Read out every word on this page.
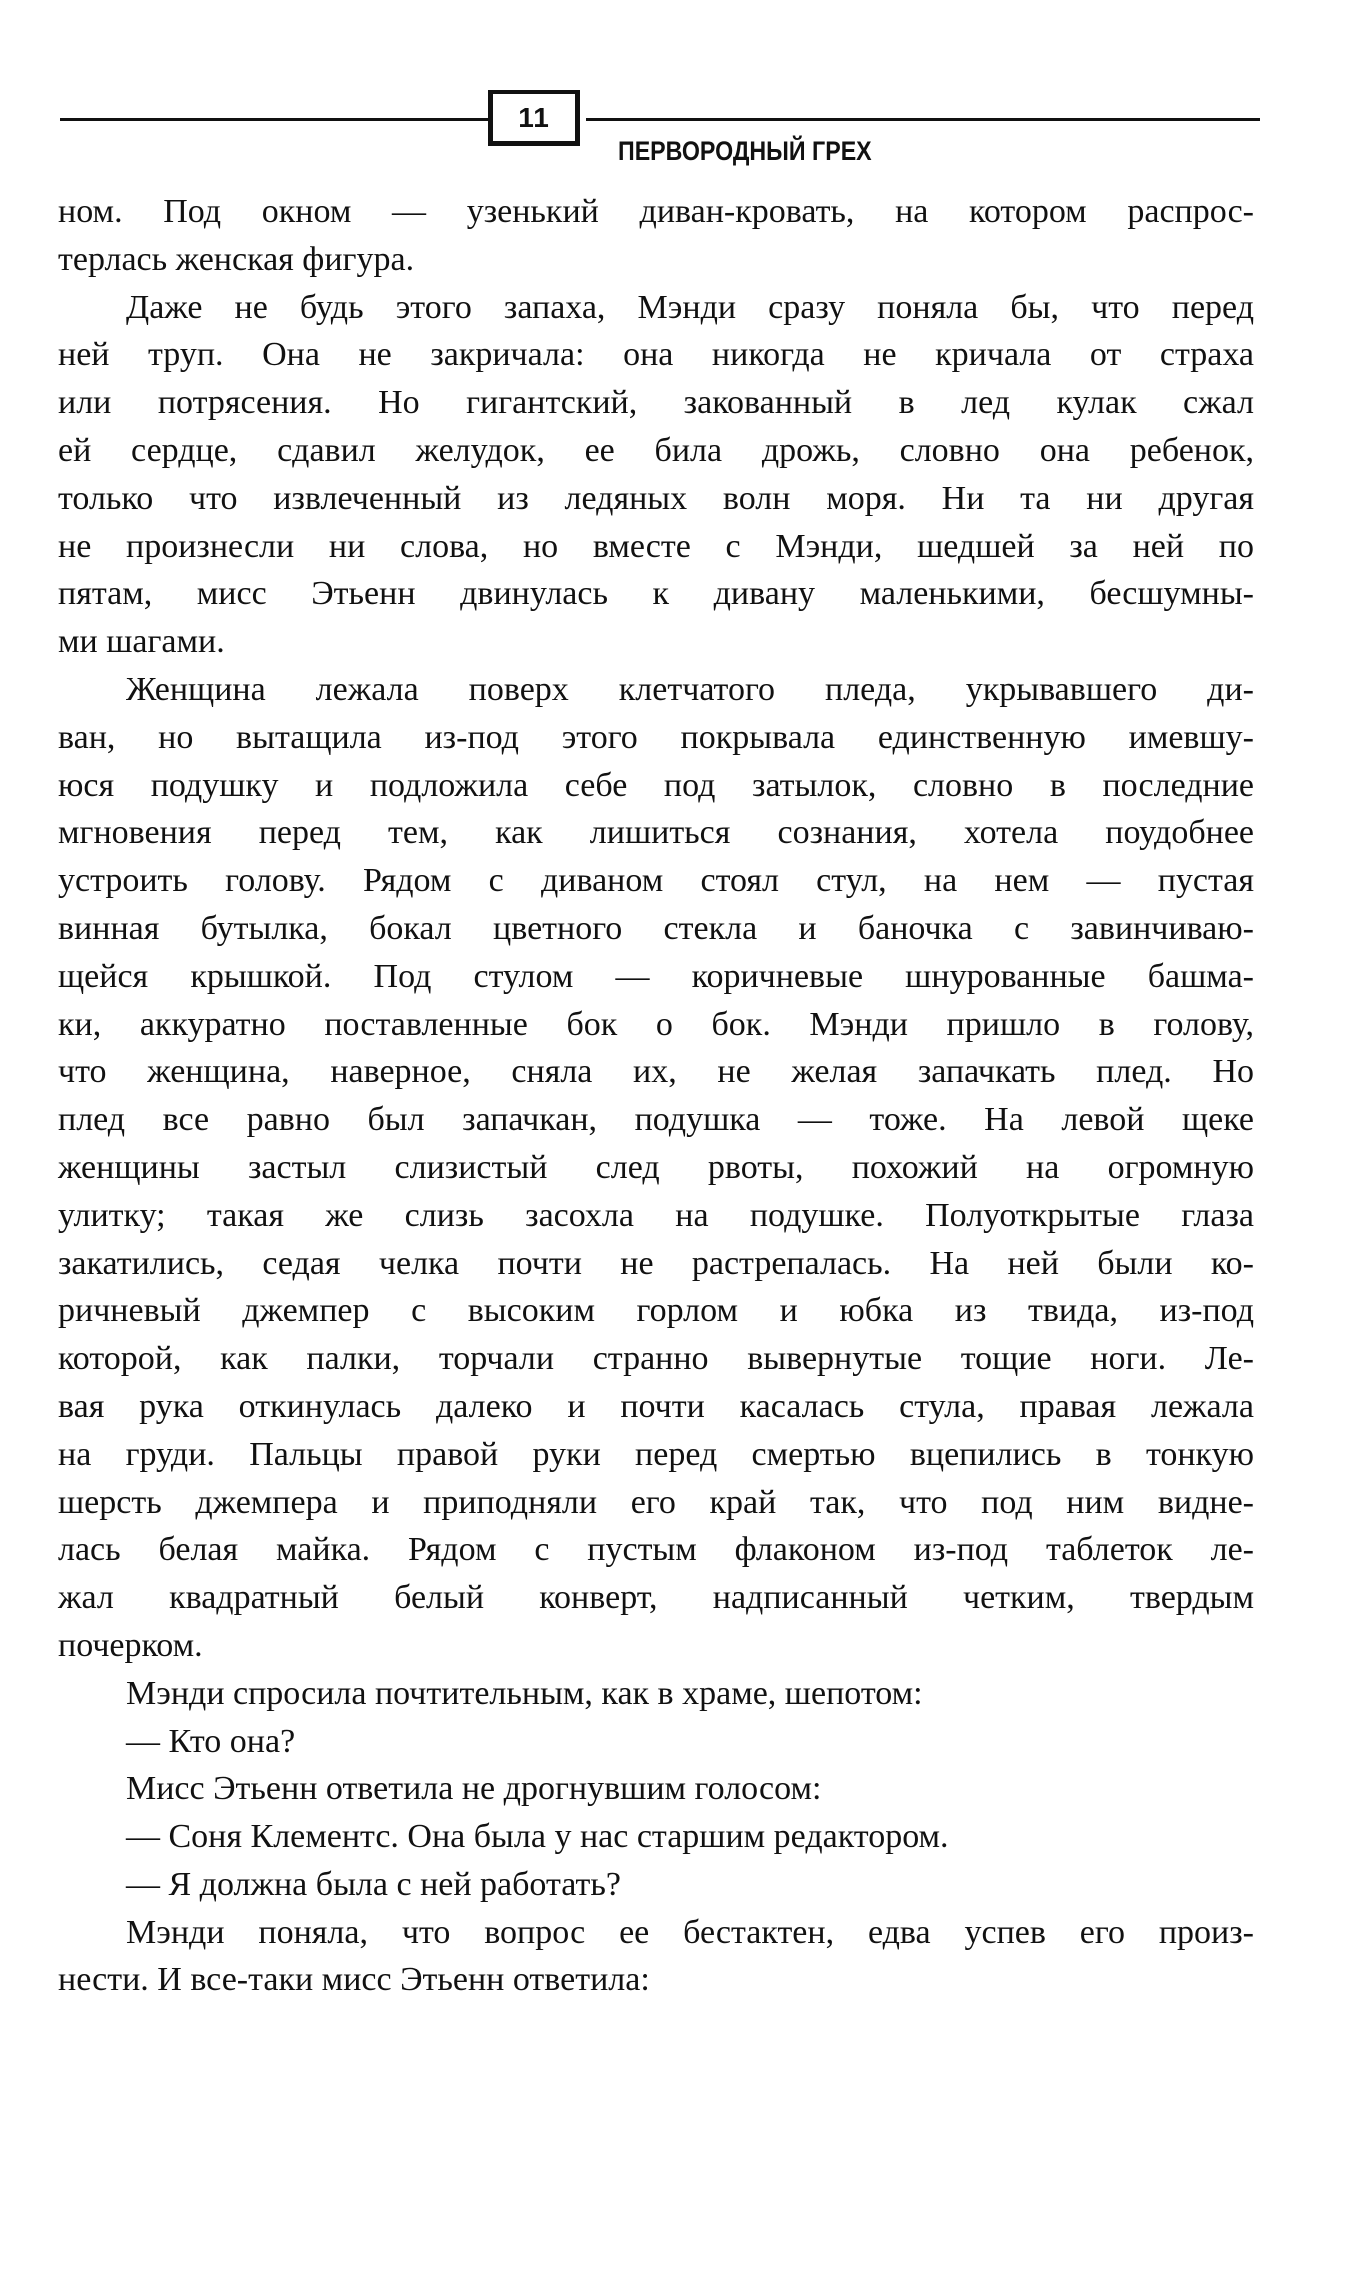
11
ПЕРВОРОДНЫЙ ГРЕХ
ном. Под окном — узенький диван-кровать, на котором распрос-
терлась женская фигура.
Даже не будь этого запаха, Мэнди сразу поняла бы, что перед
ней труп. Она не закричала: она никогда не кричала от страха
или потрясения. Но гигантский, закованный в лед кулак сжал
ей сердце, сдавил желудок, ее била дрожь, словно она ребенок,
только что извлеченный из ледяных волн моря. Ни та ни другая
не произнесли ни слова, но вместе с Мэнди, шедшей за ней по
пятам, мисс Этьенн двинулась к дивану маленькими, бесшумны-
ми шагами.
Женщина лежала поверх клетчатого пледа, укрывавшего ди-
ван, но вытащила из-под этого покрывала единственную имевшу-
юся подушку и подложила себе под затылок, словно в последние
мгновения перед тем, как лишиться сознания, хотела поудобнее
устроить голову. Рядом с диваном стоял стул, на нем — пустая
винная бутылка, бокал цветного стекла и баночка с завинчиваю-
щейся крышкой. Под стулом — коричневые шнурованные башма-
ки, аккуратно поставленные бок о бок. Мэнди пришло в голову,
что женщина, наверное, сняла их, не желая запачкать плед. Но
плед все равно был запачкан, подушка — тоже. На левой щеке
женщины застыл слизистый след рвоты, похожий на огромную
улитку; такая же слизь засохла на подушке. Полуоткрытые глаза
закатились, седая челка почти не растрепалась. На ней были ко-
ричневый джемпер с высоким горлом и юбка из твида, из-под
которой, как палки, торчали странно вывернутые тощие ноги. Ле-
вая рука откинулась далеко и почти касалась стула, правая лежала
на груди. Пальцы правой руки перед смертью вцепились в тонкую
шерсть джемпера и приподняли его край так, что под ним видне-
лась белая майка. Рядом с пустым флаконом из-под таблеток ле-
жал квадратный белый конверт, надписанный четким, твердым
почерком.
Мэнди спросила почтительным, как в храме, шепотом:
— Кто она?
Мисс Этьенн ответила не дрогнувшим голосом:
— Соня Клементс. Она была у нас старшим редактором.
— Я должна была с ней работать?
Мэнди поняла, что вопрос ее бестактен, едва успев его произ-
нести. И все-таки мисс Этьенн ответила:
